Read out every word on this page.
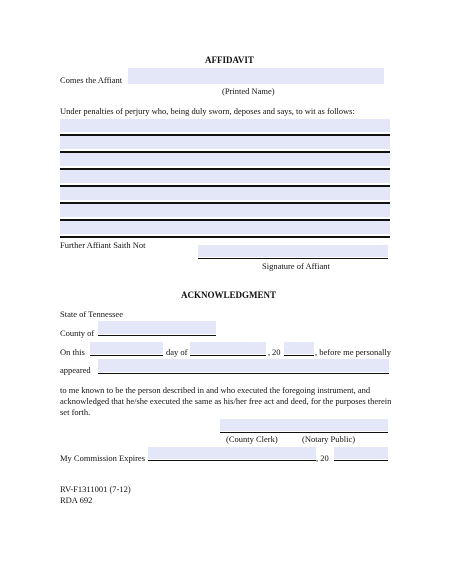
AFFIDAVIT
Comes the Affiant
(Printed Name)
Under penalties of perjury who, being duly sworn, deposes and says, to wit as follows:
Further Affiant Saith Not
Signature of Affiant
ACKNOWLEDGMENT
State of Tennessee
County of
On this	day of	, 20	, before me personally
appeared
to me known to be the person described in and who executed the foregoing instrument, and
acknowledged that he/she executed the same as his/her free act and deed, for the purposes therein
set forth.
(County Clerk)	(Notary Public)
My Commission Expires	, 20
RV-F1311001 (7-12)
RDA 692
